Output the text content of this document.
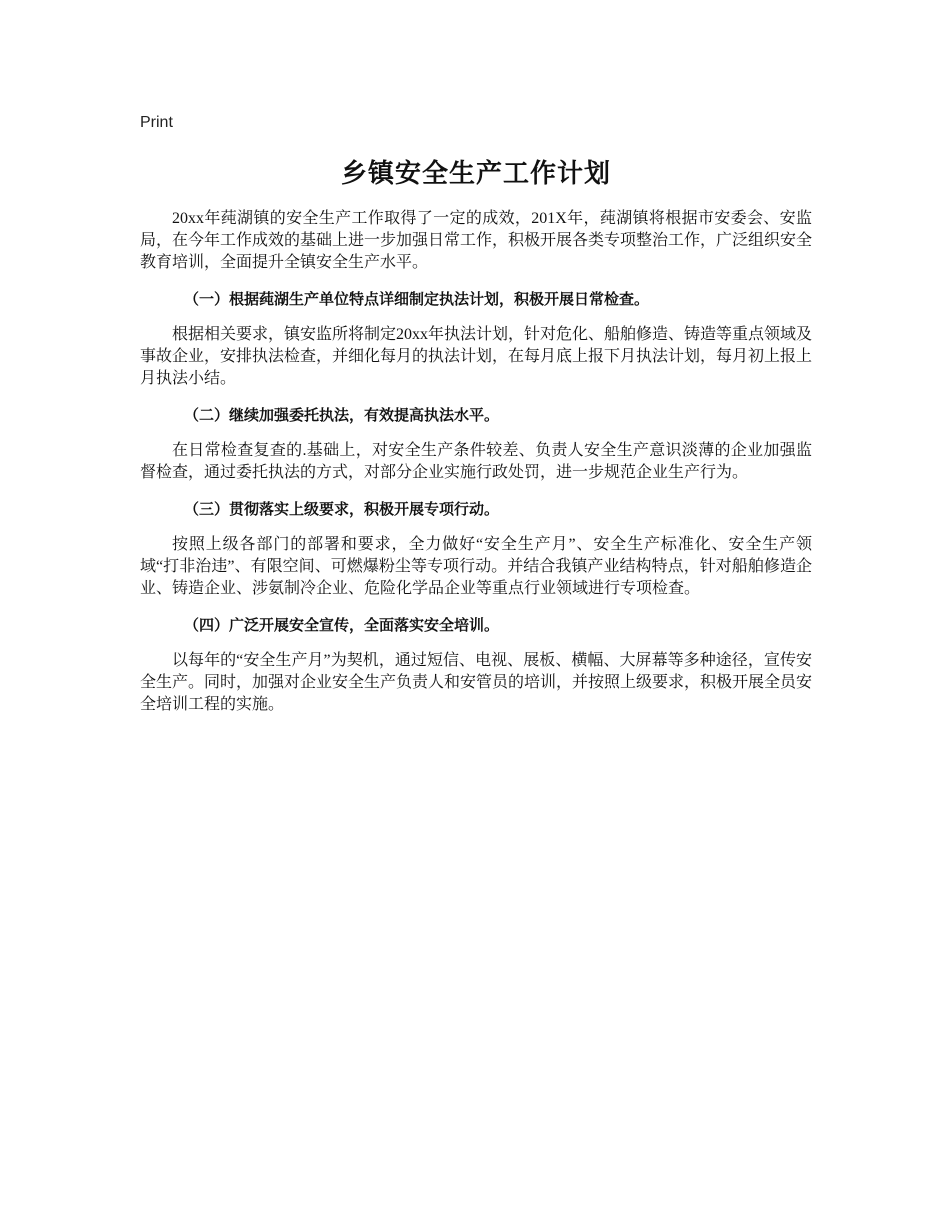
Print

乡镇安全生产工作计划

20xx年莼湖镇的安全生产工作取得了一定的成效，201X年，莼湖镇将根据市安委会、安监局，在今年工作成效的基础上进一步加强日常工作，积极开展各类专项整治工作，广泛组织安全教育培训，全面提升全镇安全生产水平。

（一）根据莼湖生产单位特点详细制定执法计划，积极开展日常检查。

根据相关要求，镇安监所将制定20xx年执法计划，针对危化、船舶修造、铸造等重点领域及事故企业，安排执法检查，并细化每月的执法计划，在每月底上报下月执法计划，每月初上报上月执法小结。

（二）继续加强委托执法，有效提高执法水平。

在日常检查复查的.基础上，对安全生产条件较差、负责人安全生产意识淡薄的企业加强监督检查，通过委托执法的方式，对部分企业实施行政处罚，进一步规范企业生产行为。

（三）贯彻落实上级要求，积极开展专项行动。

按照上级各部门的部署和要求，全力做好“安全生产月”、安全生产标准化、安全生产领域“打非治违”、有限空间、可燃爆粉尘等专项行动。并结合我镇产业结构特点，针对船舶修造企业、铸造企业、涉氨制冷企业、危险化学品企业等重点行业领域进行专项检查。

（四）广泛开展安全宣传，全面落实安全培训。

以每年的“安全生产月”为契机，通过短信、电视、展板、横幅、大屏幕等多种途径，宣传安全生产。同时，加强对企业安全生产负责人和安管员的培训，并按照上级要求，积极开展全员安全培训工程的实施。
